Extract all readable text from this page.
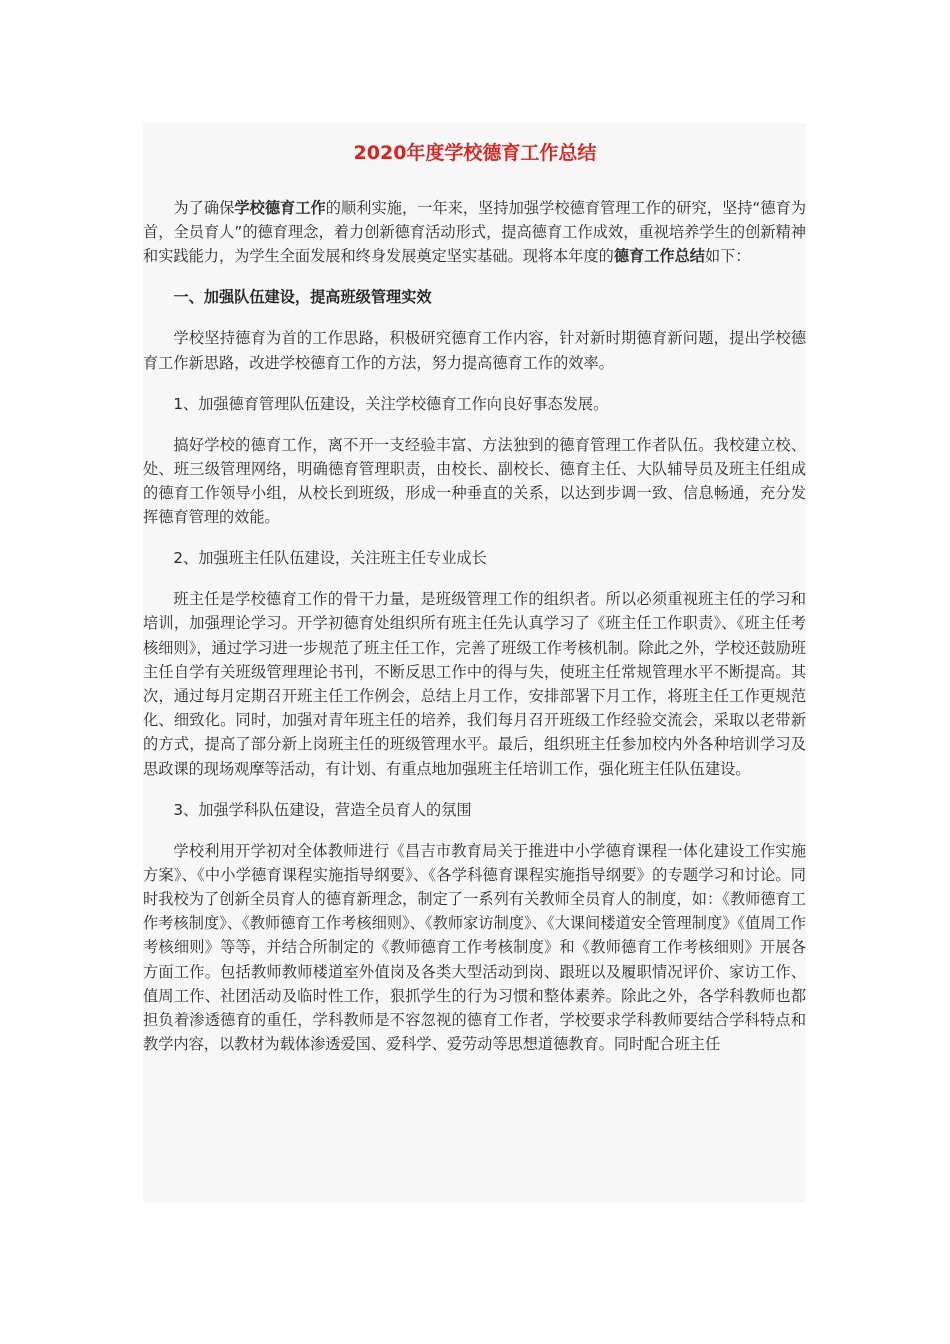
2020年度学校德育工作总结

为了确保学校德育工作的顺利实施，一年来，坚持加强学校德育管理工作的研究，坚持“德育为首，全员育人”的德育理念，着力创新德育活动形式，提高德育工作成效，重视培养学生的创新精神和实践能力，为学生全面发展和终身发展奠定坚实基础。现将本年度的德育工作总结如下：

一、加强队伍建设，提高班级管理实效

学校坚持德育为首的工作思路，积极研究德育工作内容，针对新时期德育新问题，提出学校德育工作新思路，改进学校德育工作的方法，努力提高德育工作的效率。

1、加强德育管理队伍建设，关注学校德育工作向良好事态发展。

搞好学校的德育工作，离不开一支经验丰富、方法独到的德育管理工作者队伍。我校建立校、处、班三级管理网络，明确德育管理职责，由校长、副校长、德育主任、大队辅导员及班主任组成的德育工作领导小组，从校长到班级，形成一种垂直的关系，以达到步调一致、信息畅通，充分发挥德育管理的效能。

2、加强班主任队伍建设，关注班主任专业成长

班主任是学校德育工作的骨干力量，是班级管理工作的组织者。所以必须重视班主任的学习和培训，加强理论学习。开学初德育处组织所有班主任先认真学习了《班主任工作职责》、《班主任考核细则》，通过学习进一步规范了班主任工作，完善了班级工作考核机制。除此之外，学校还鼓励班主任自学有关班级管理理论书刊，不断反思工作中的得与失，使班主任常规管理水平不断提高。其次，通过每月定期召开班主任工作例会，总结上月工作，安排部署下月工作，将班主任工作更规范化、细致化。同时，加强对青年班主任的培养，我们每月召开班级工作经验交流会，采取以老带新的方式，提高了部分新上岗班主任的班级管理水平。最后，组织班主任参加校内外各种培训学习及思政课的现场观摩等活动，有计划、有重点地加强班主任培训工作，强化班主任队伍建设。

3、加强学科队伍建设，营造全员育人的氛围

学校利用开学初对全体教师进行《昌吉市教育局关于推进中小学德育课程一体化建设工作实施方案》、《中小学德育课程实施指导纲要》、《各学科德育课程实施指导纲要》的专题学习和讨论。同时我校为了创新全员育人的德育新理念，制定了一系列有关教师全员育人的制度，如：《教师德育工作考核制度》、《教师德育工作考核细则》、《教师家访制度》、《大课间楼道安全管理制度》《值周工作考核细则》等等，并结合所制定的《教师德育工作考核制度》和《教师德育工作考核细则》开展各方面工作。包括教师教师楼道室外值岗及各类大型活动到岗、跟班以及履职情况评价、家访工作、值周工作、社团活动及临时性工作，狠抓学生的行为习惯和整体素养。除此之外，各学科教师也都担负着渗透德育的重任，学科教师是不容忽视的德育工作者，学校要求学科教师要结合学科特点和教学内容，以教材为载体渗透爱国、爱科学、爱劳动等思想道德教育。同时配合班主任
